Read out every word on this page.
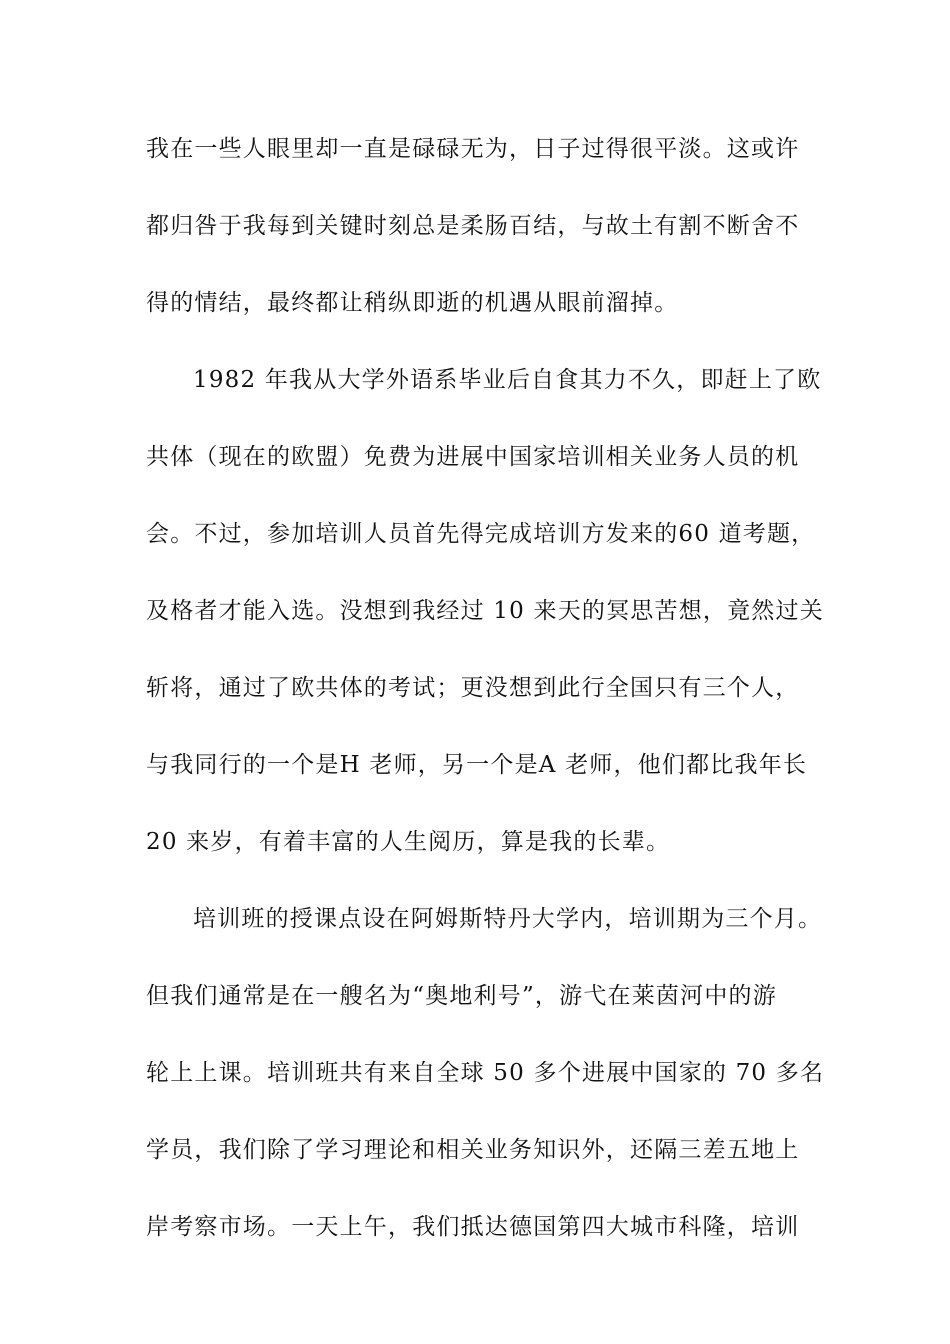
我在一些人眼里却一直是碌碌无为，日子过得很平淡。这或许
都归咎于我每到关键时刻总是柔肠百结，与故土有割不断舍不
得的情结，最终都让稍纵即逝的机遇从眼前溜掉。
1982 年我从大学外语系毕业后自食其力不久，即赶上了欧
共体（现在的欧盟）免费为进展中国家培训相关业务人员的机
会。不过，参加培训人员首先得完成培训方发来的60 道考题，
及格者才能入选。没想到我经过 10 来天的冥思苦想，竟然过关
斩将，通过了欧共体的考试；更没想到此行全国只有三个人，
与我同行的一个是H 老师，另一个是A 老师，他们都比我年长
20 来岁，有着丰富的人生阅历，算是我的长辈。
培训班的授课点设在阿姆斯特丹大学内，培训期为三个月。
但我们通常是在一艘名为“奥地利号”，游弋在莱茵河中的游
轮上上课。培训班共有来自全球 50 多个进展中国家的 70 多名
学员，我们除了学习理论和相关业务知识外，还隔三差五地上
岸考察市场。一天上午，我们抵达德国第四大城市科隆，培训
